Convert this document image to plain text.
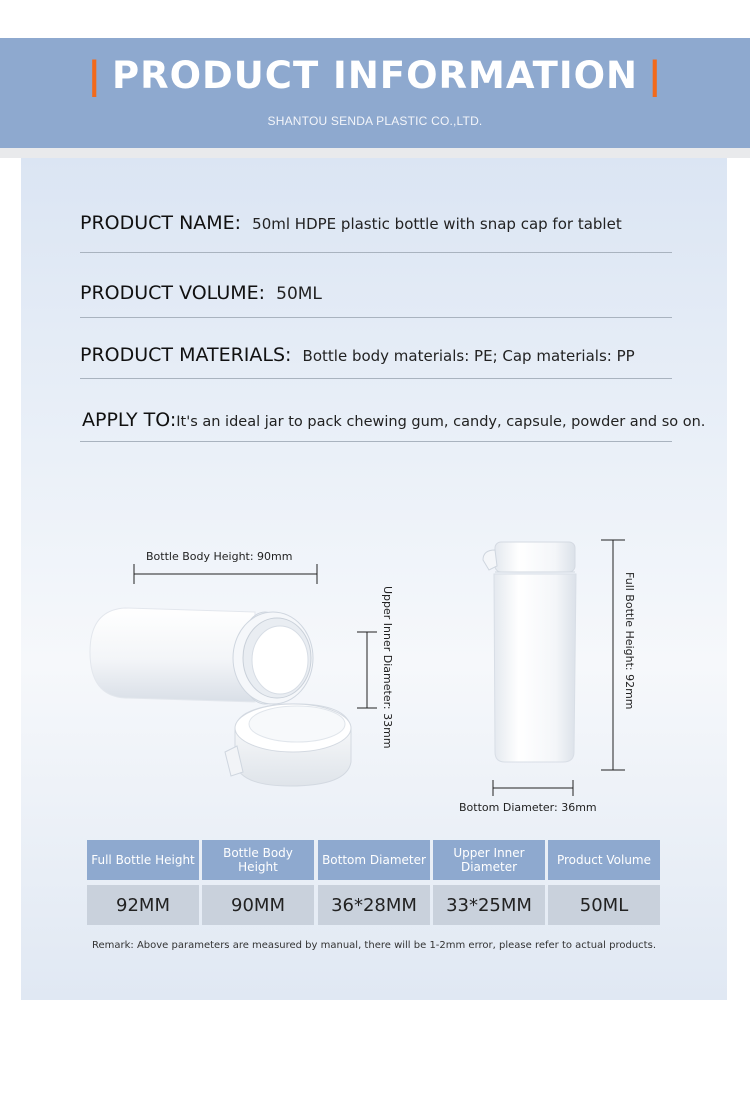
| PRODUCT INFORMATION |
SHANTOU SENDA PLASTIC CO.,LTD.
PRODUCT NAME: 50ml HDPE plastic bottle with snap cap for tablet
PRODUCT VOLUME: 50ML
PRODUCT MATERIALS: Bottle body materials: PE; Cap materials: PP
APPLY TO:It's an ideal jar to pack chewing gum, candy, capsule, powder and so on.
Bottle Body Height: 90mm
Upper Inner Diameter: 33mm	Full Bottle Height: 92mm
Bottom Diameter: 36mm
Full Bottle Height	Bottle Body Height	Bottom Diameter	Upper Inner Diameter	Product Volume
92MM	90MM	36*28MM	33*25MM	50ML
Remark: Above parameters are measured by manual, there will be 1-2mm error, please refer to actual products.
